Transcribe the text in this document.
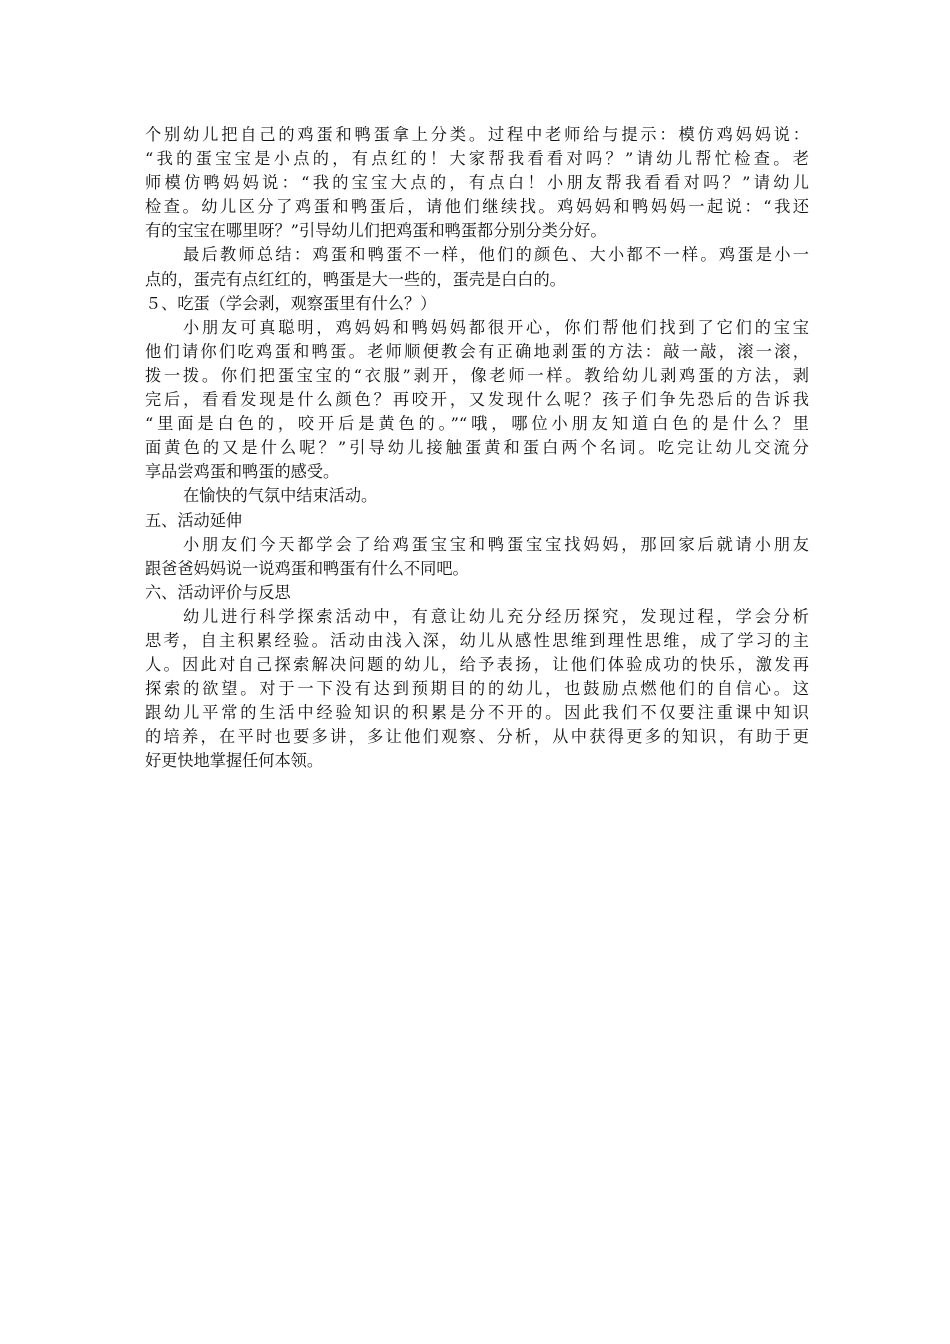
个别幼儿把自己的鸡蛋和鸭蛋拿上分类。过程中老师给与提示：模仿鸡妈妈说：
“我的蛋宝宝是小点的，有点红的！大家帮我看看对吗？”请幼儿帮忙检查。老
师模仿鸭妈妈说：“我的宝宝大点的，有点白！小朋友帮我看看对吗？”请幼儿
检查。幼儿区分了鸡蛋和鸭蛋后，请他们继续找。鸡妈妈和鸭妈妈一起说：“我还
有的宝宝在哪里呀？”引导幼儿们把鸡蛋和鸭蛋都分别分类分好。
最后教师总结：鸡蛋和鸭蛋不一样，他们的颜色、大小都不一样。鸡蛋是小一
点的，蛋壳有点红红的，鸭蛋是大一些的，蛋壳是白白的。
５、吃蛋（学会剥，观察蛋里有什么？）
小朋友可真聪明，鸡妈妈和鸭妈妈都很开心，你们帮他们找到了它们的宝宝
他们请你们吃鸡蛋和鸭蛋。老师顺便教会有正确地剥蛋的方法：敲一敲，滚一滚，
拨一拨。你们把蛋宝宝的“衣服”剥开，像老师一样。教给幼儿剥鸡蛋的方法，剥
完后，看看发现是什么颜色？再咬开，又发现什么呢？孩子们争先恐后的告诉我
“里面是白色的，咬开后是黄色的。”“哦，哪位小朋友知道白色的是什么？里
面黄色的又是什么呢？”引导幼儿接触蛋黄和蛋白两个名词。吃完让幼儿交流分
享品尝鸡蛋和鸭蛋的感受。
在愉快的气氛中结束活动。
五、活动延伸
小朋友们今天都学会了给鸡蛋宝宝和鸭蛋宝宝找妈妈，那回家后就请小朋友
跟爸爸妈妈说一说鸡蛋和鸭蛋有什么不同吧。
六、活动评价与反思
幼儿进行科学探索活动中，有意让幼儿充分经历探究，发现过程，学会分析
思考，自主积累经验。活动由浅入深，幼儿从感性思维到理性思维，成了学习的主
人。因此对自己探索解决问题的幼儿，给予表扬，让他们体验成功的快乐，激发再
探索的欲望。对于一下没有达到预期目的的幼儿，也鼓励点燃他们的自信心。这
跟幼儿平常的生活中经验知识的积累是分不开的。因此我们不仅要注重课中知识
的培养，在平时也要多讲，多让他们观察、分析，从中获得更多的知识，有助于更
好更快地掌握任何本领。
